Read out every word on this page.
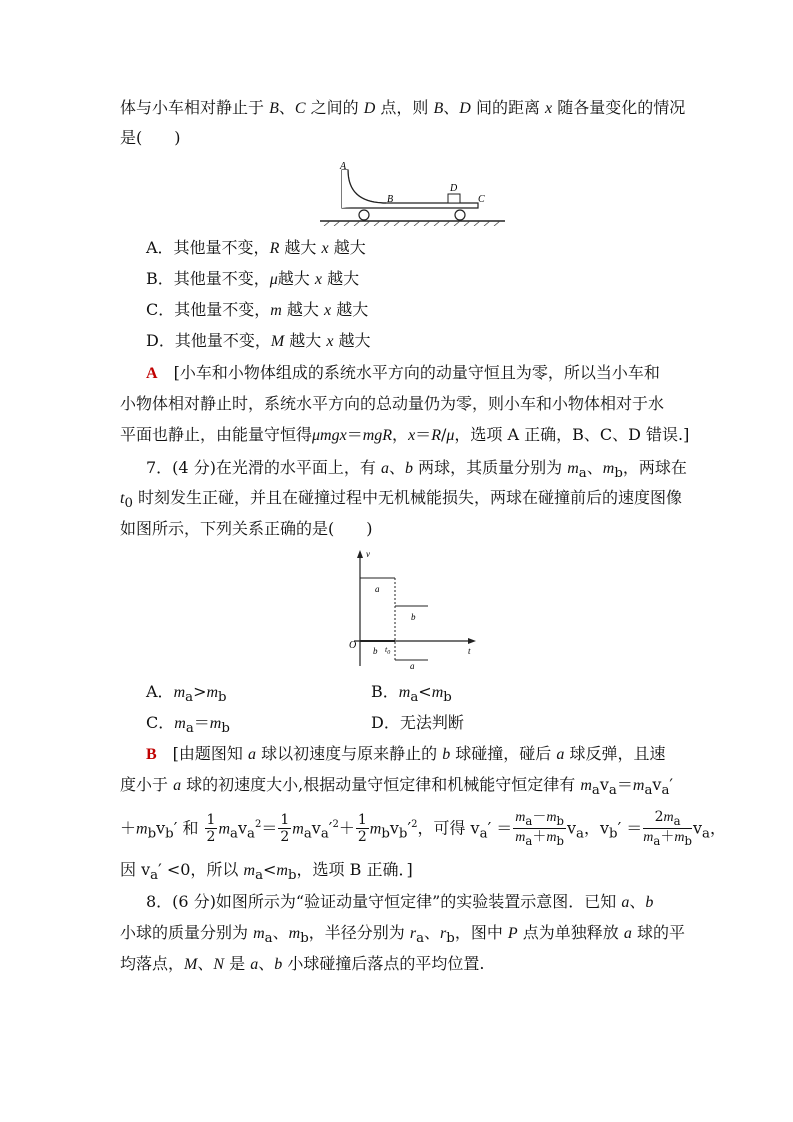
体与小车相对静止于 B、C 之间的 D 点，则 B、D 间的距离 x 随各量变化的情况
是(　　)
A
B
D
C
A．其他量不变，R 越大 x 越大
B．其他量不变，μ越大 x 越大
C．其他量不变，m 越大 x 越大
D．其他量不变，M 越大 x 越大
A　 [小车和小物体组成的系统水平方向的动量守恒且为零，所以当小车和
小物体相对静止时，系统水平方向的总动量仍为零，则小车和小物体相对于水
平面也静止，由能量守恒得μmgx＝mgR，x＝R/μ，选项 A 正确，B、C、D 错误.]
7．(4 分)在光滑的水平面上，有 a、b 两球，其质量分别为 $m_a$、$m_b$，两球在
$t_0$ 时刻发生正碰，并且在碰撞过程中无机械能损失，两球在碰撞前后的速度图像
如图所示，下列关系正确的是(　　)
v
t
O
a
b
b $t_0$
a
A．$m_a>m_b$	B．$m_a<m_b$
C．$m_a=m_b$	D．无法判断
B　[由题图知 a 球以初速度与原来静止的 b 球碰撞，碰后 a 球反弹，且速
度小于 a 球的初速度大小,根据动量守恒定律和机械能守恒定律有 $m_av_a=m_av_a'$
$+m_bv_b'$ 和 $\frac{1}{2} m_av_a^2= \frac{1}{2} m_av_a'^2+ \frac{1}{2} m_bv_b'^2$，可得 $v_a' = \frac{m_a-m_b}{m_a+m_b} v_a$，$v_b' = \frac{2m_a}{m_a+m_b} v_a$，
因 $v_a' <0$，所以 $m_a<m_b$，选项 B 正确．]
8．(6 分)如图所示为“验证动量守恒定律”的实验装置示意图．已知 a、b
小球的质量分别为 $m_a$、$m_b$，半径分别为 $r_a$、$r_b$，图中 P 点为单独释放 a 球的平
均落点，M、N 是 a、b 小球碰撞后落点的平均位置.
